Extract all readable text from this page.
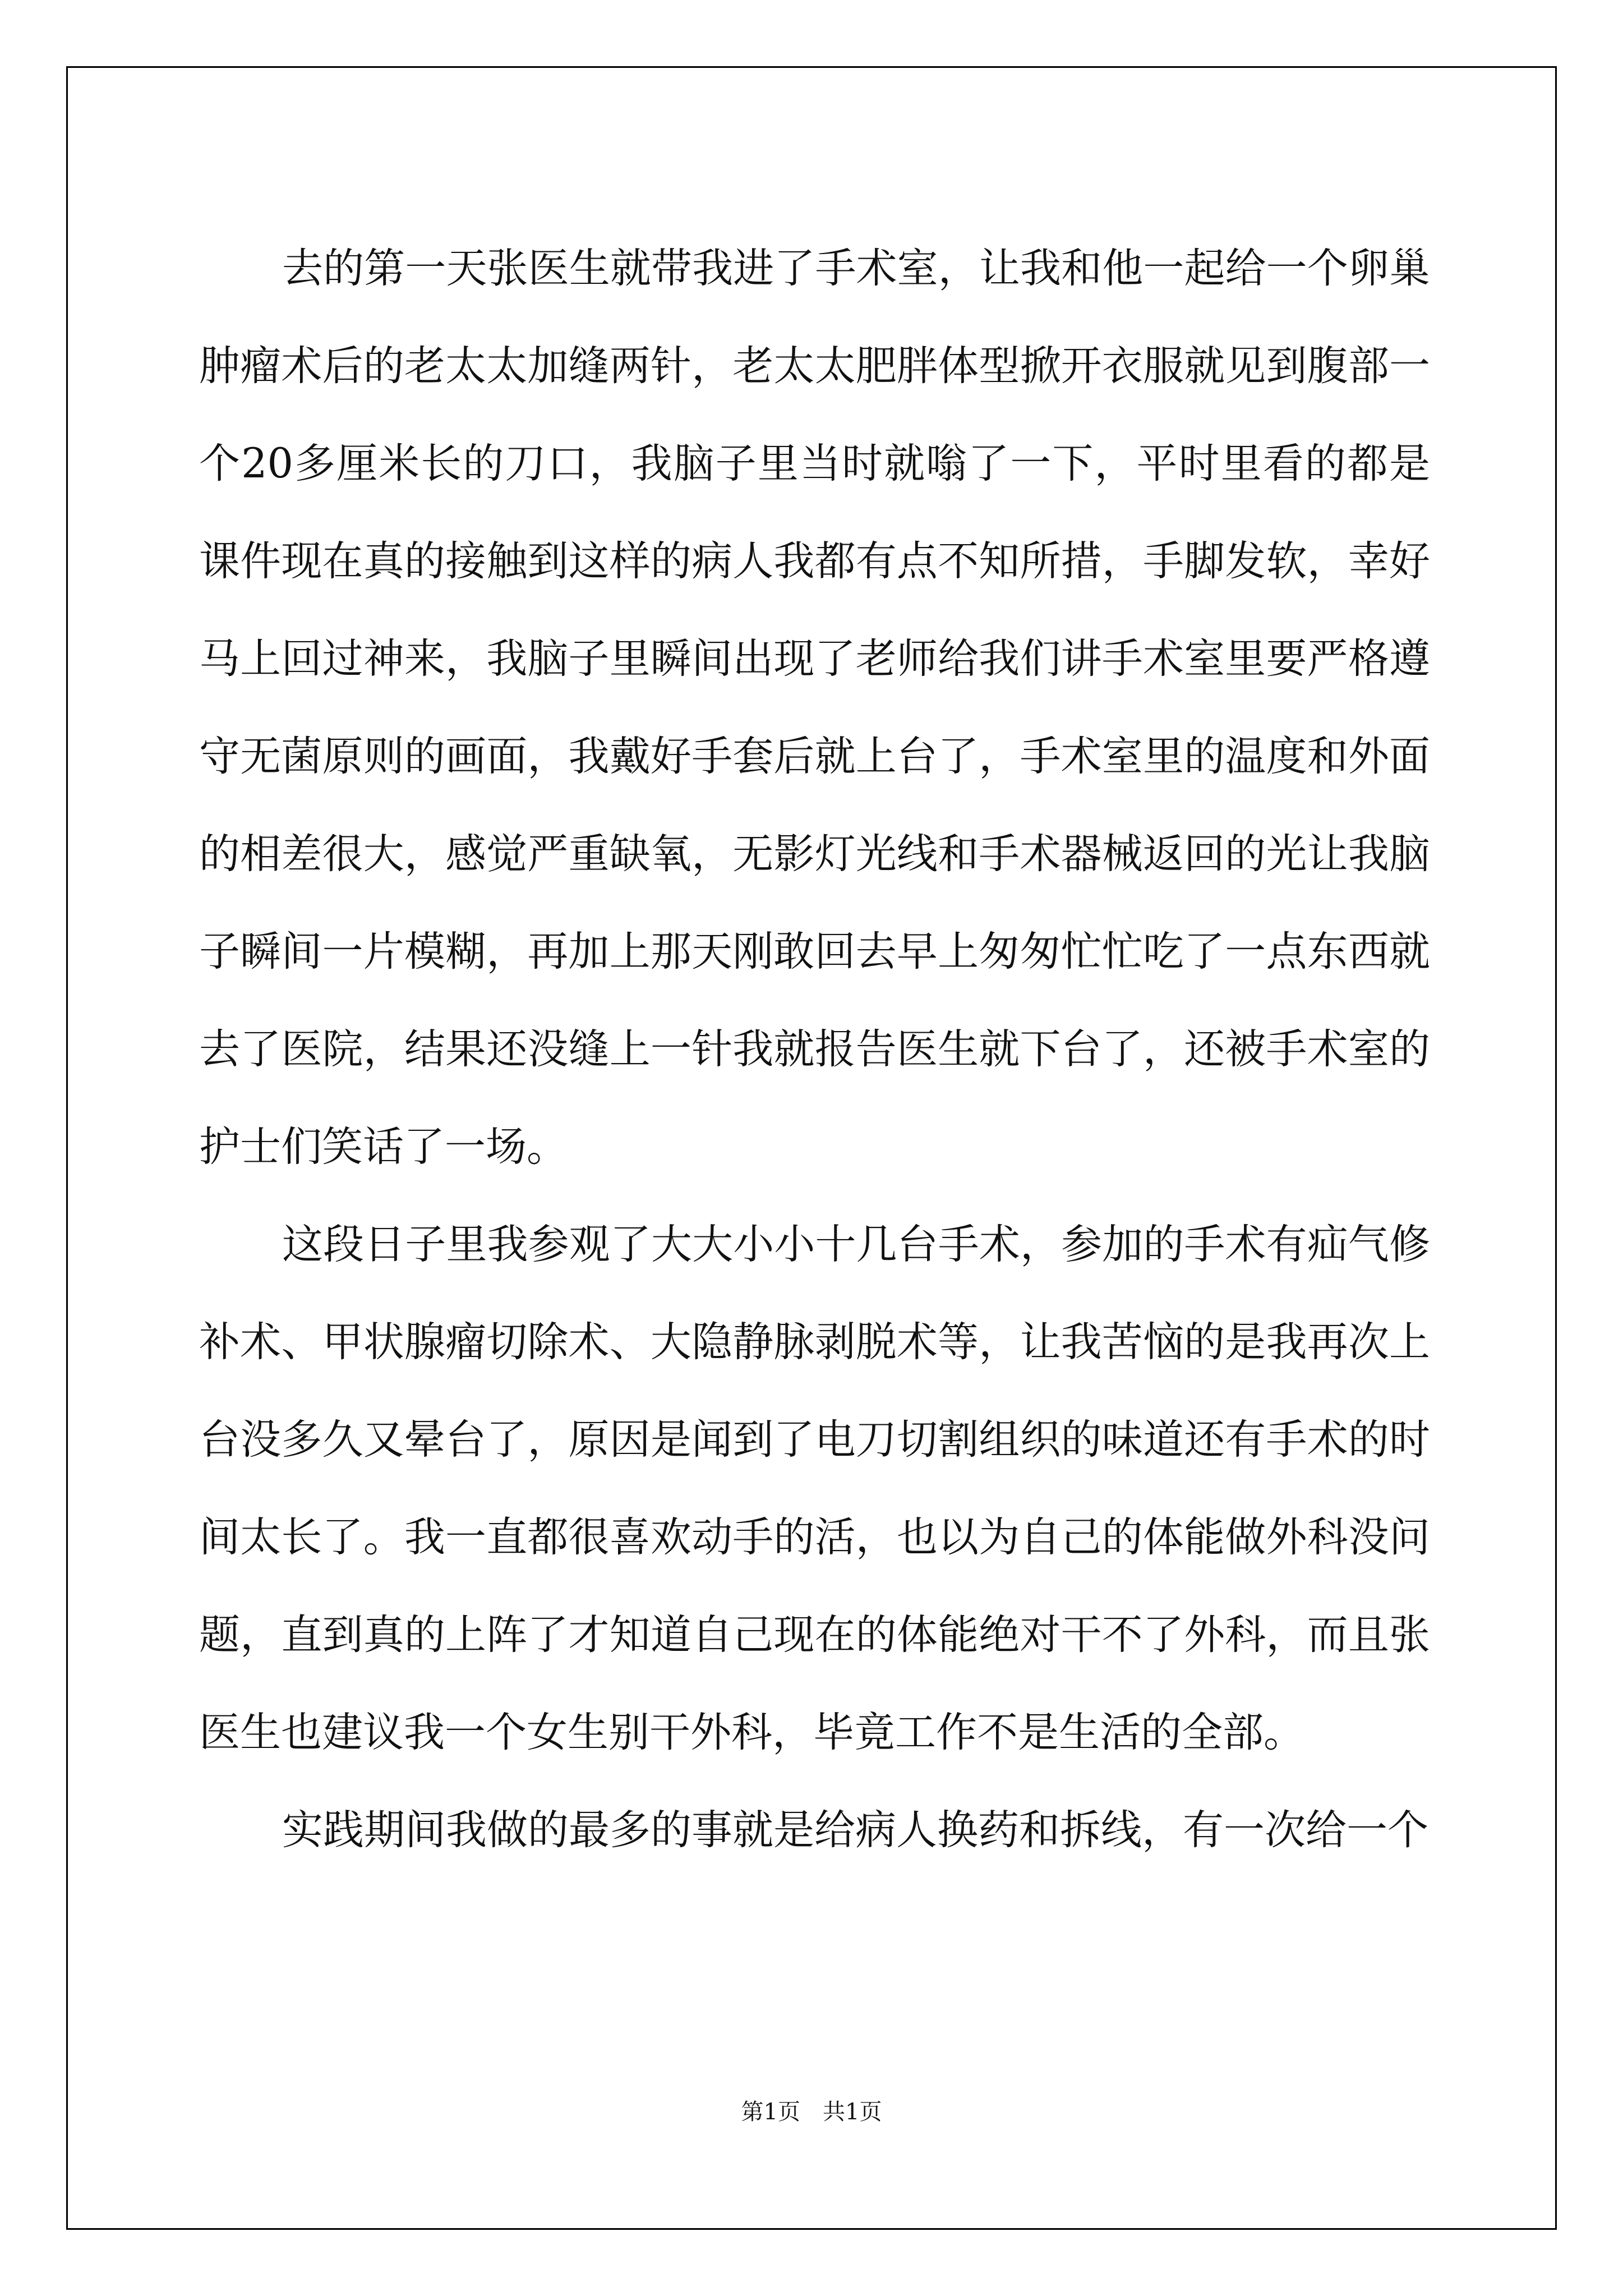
去的第一天张医生就带我进了手术室，让我和他一起给一个卵巢肿瘤术后的老太太加缝两针，老太太肥胖体型掀开衣服就见到腹部一个20多厘米长的刀口，我脑子里当时就嗡了一下，平时里看的都是课件现在真的接触到这样的病人我都有点不知所措，手脚发软，幸好马上回过神来，我脑子里瞬间出现了老师给我们讲手术室里要严格遵守无菌原则的画面，我戴好手套后就上台了，手术室里的温度和外面的相差很大，感觉严重缺氧，无影灯光线和手术器械返回的光让我脑子瞬间一片模糊，再加上那天刚敢回去早上匆匆忙忙吃了一点东西就去了医院，结果还没缝上一针我就报告医生就下台了，还被手术室的护士们笑话了一场。

这段日子里我参观了大大小小十几台手术，参加的手术有疝气修补术、甲状腺瘤切除术、大隐静脉剥脱术等，让我苦恼的是我再次上台没多久又晕台了，原因是闻到了电刀切割组织的味道还有手术的时间太长了。我一直都很喜欢动手的活，也以为自己的体能做外科没问题，直到真的上阵了才知道自己现在的体能绝对干不了外科，而且张医生也建议我一个女生别干外科，毕竟工作不是生活的全部。

实践期间我做的最多的事就是给病人换药和拆线，有一次给一个

第1页 共1页
